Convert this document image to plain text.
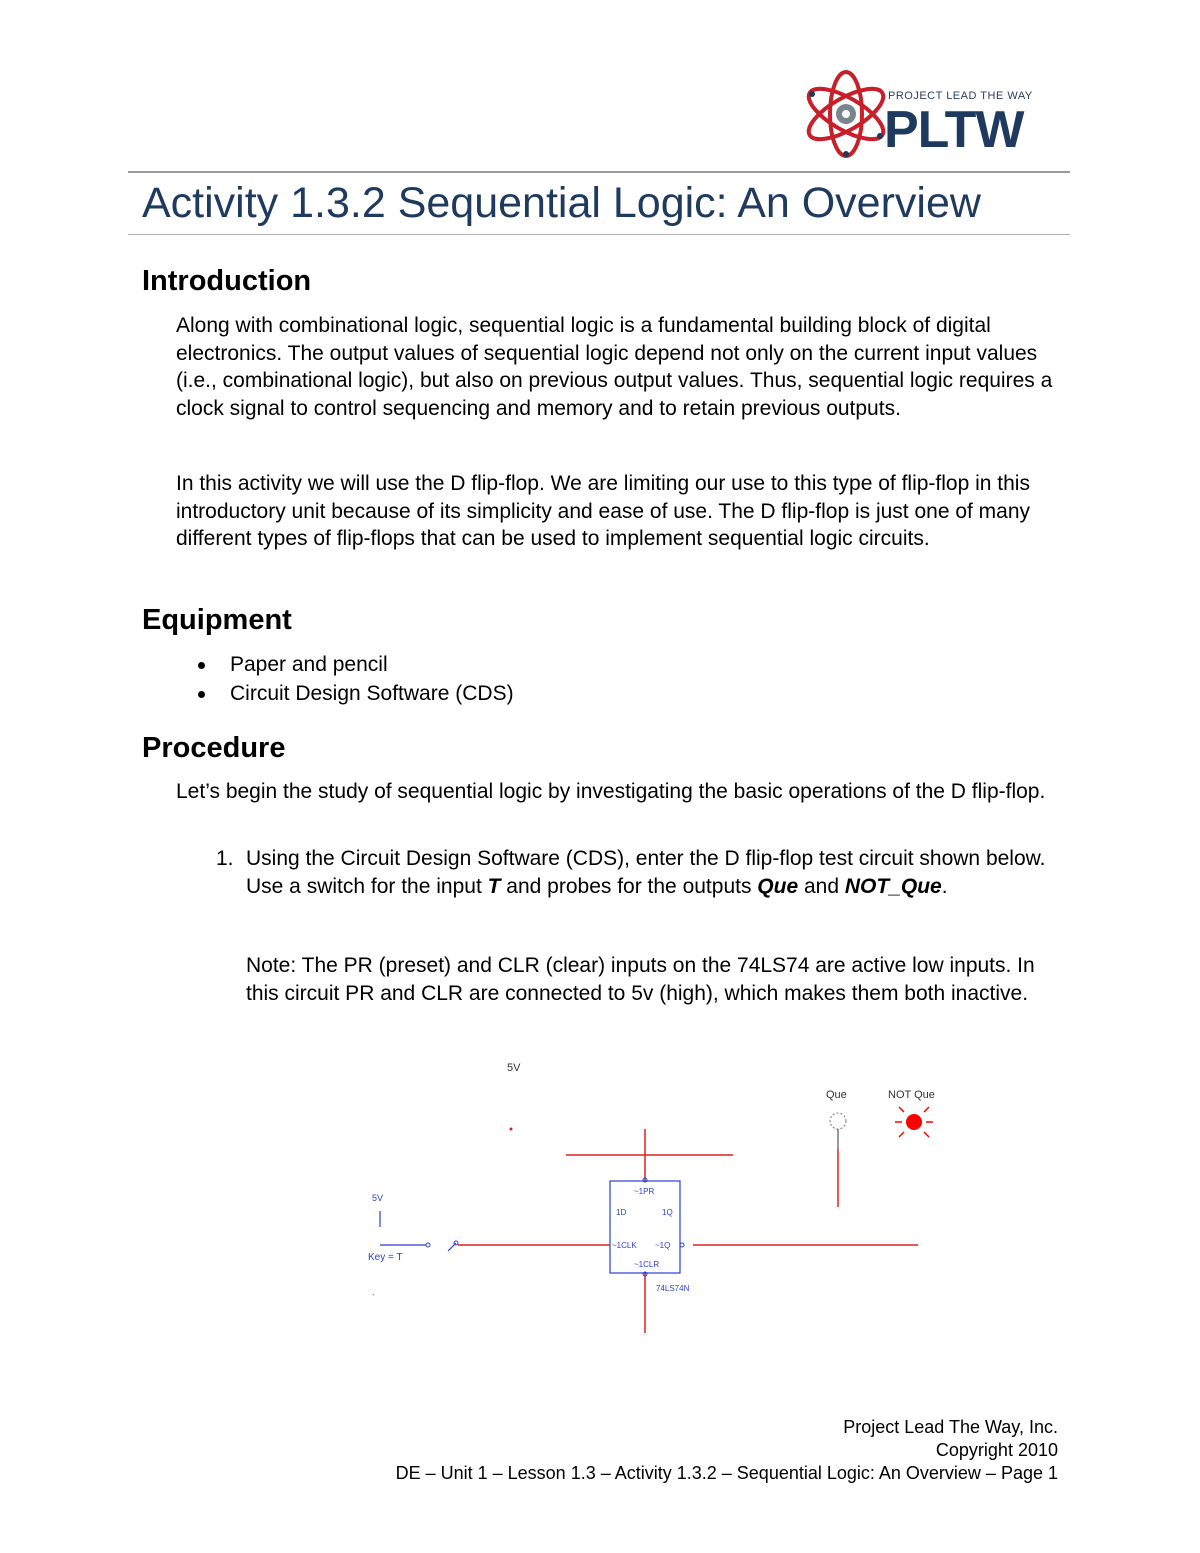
PROJECT LEAD THE WAY
PLTW
Activity 1.3.2 Sequential Logic: An Overview
Introduction

Along with combinational logic, sequential logic is a fundamental building block of digital electronics. The output values of sequential logic depend not only on the current input values (i.e., combinational logic), but also on previous output values. Thus, sequential logic requires a clock signal to control sequencing and memory and to retain previous outputs.

In this activity we will use the D flip-flop. We are limiting our use to this type of flip-flop in this introductory unit because of its simplicity and ease of use. The D flip-flop is just one of many different types of flip-flops that can be used to implement sequential logic circuits.

Equipment
Paper and pencil
Circuit Design Software (CDS)
Procedure

Let’s begin the study of sequential logic by investigating the basic operations of the D flip-flop.

1. Using the Circuit Design Software (CDS), enter the D flip-flop test circuit shown below. Use a switch for the input T and probes for the outputs Que and NOT_Que.

Note: The PR (preset) and CLR (clear) inputs on the 74LS74 are active low inputs. In this circuit PR and CLR are connected to 5v (high), which makes them both inactive.

5V
Que	NOT Que
~1PR
1D	1Q
~1CLK ~1Q
~1CLR
74LS74N
5V
Key = T
`
Project Lead The Way, Inc.
Copyright 2010
DE – Unit 1 – Lesson 1.3 – Activity 1.3.2 – Sequential Logic: An Overview – Page 1
